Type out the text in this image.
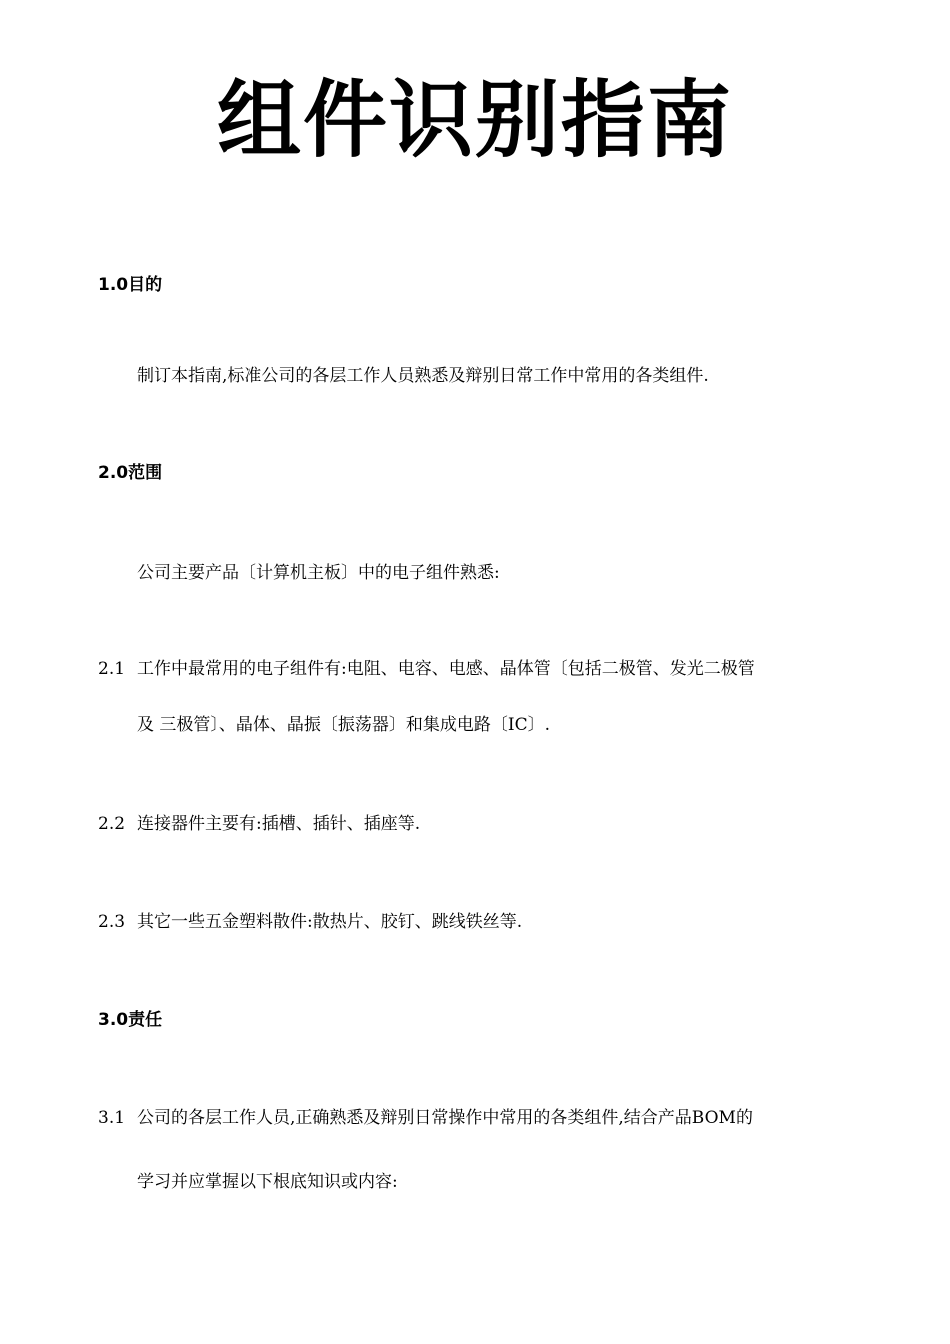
组件识别指南
1.0目的
制订本指南,标准公司的各层工作人员熟悉及辩别日常工作中常用的各类组件.
2.0范围
公司主要产品〔计算机主板〕中的电子组件熟悉:
2.1 工作中最常用的电子组件有:电阻、电容、电感、晶体管〔包括二极管、发光二极管
及 三极管〕、晶体、晶振〔振荡器〕和集成电路〔IC〕.
2.2 连接器件主要有:插槽、插针、插座等.
2.3 其它一些五金塑料散件:散热片、胶钉、跳线铁丝等.
3.0责任
3.1 公司的各层工作人员,正确熟悉及辩别日常操作中常用的各类组件,结合产品BOM的
学习并应掌握以下根底知识或内容:
